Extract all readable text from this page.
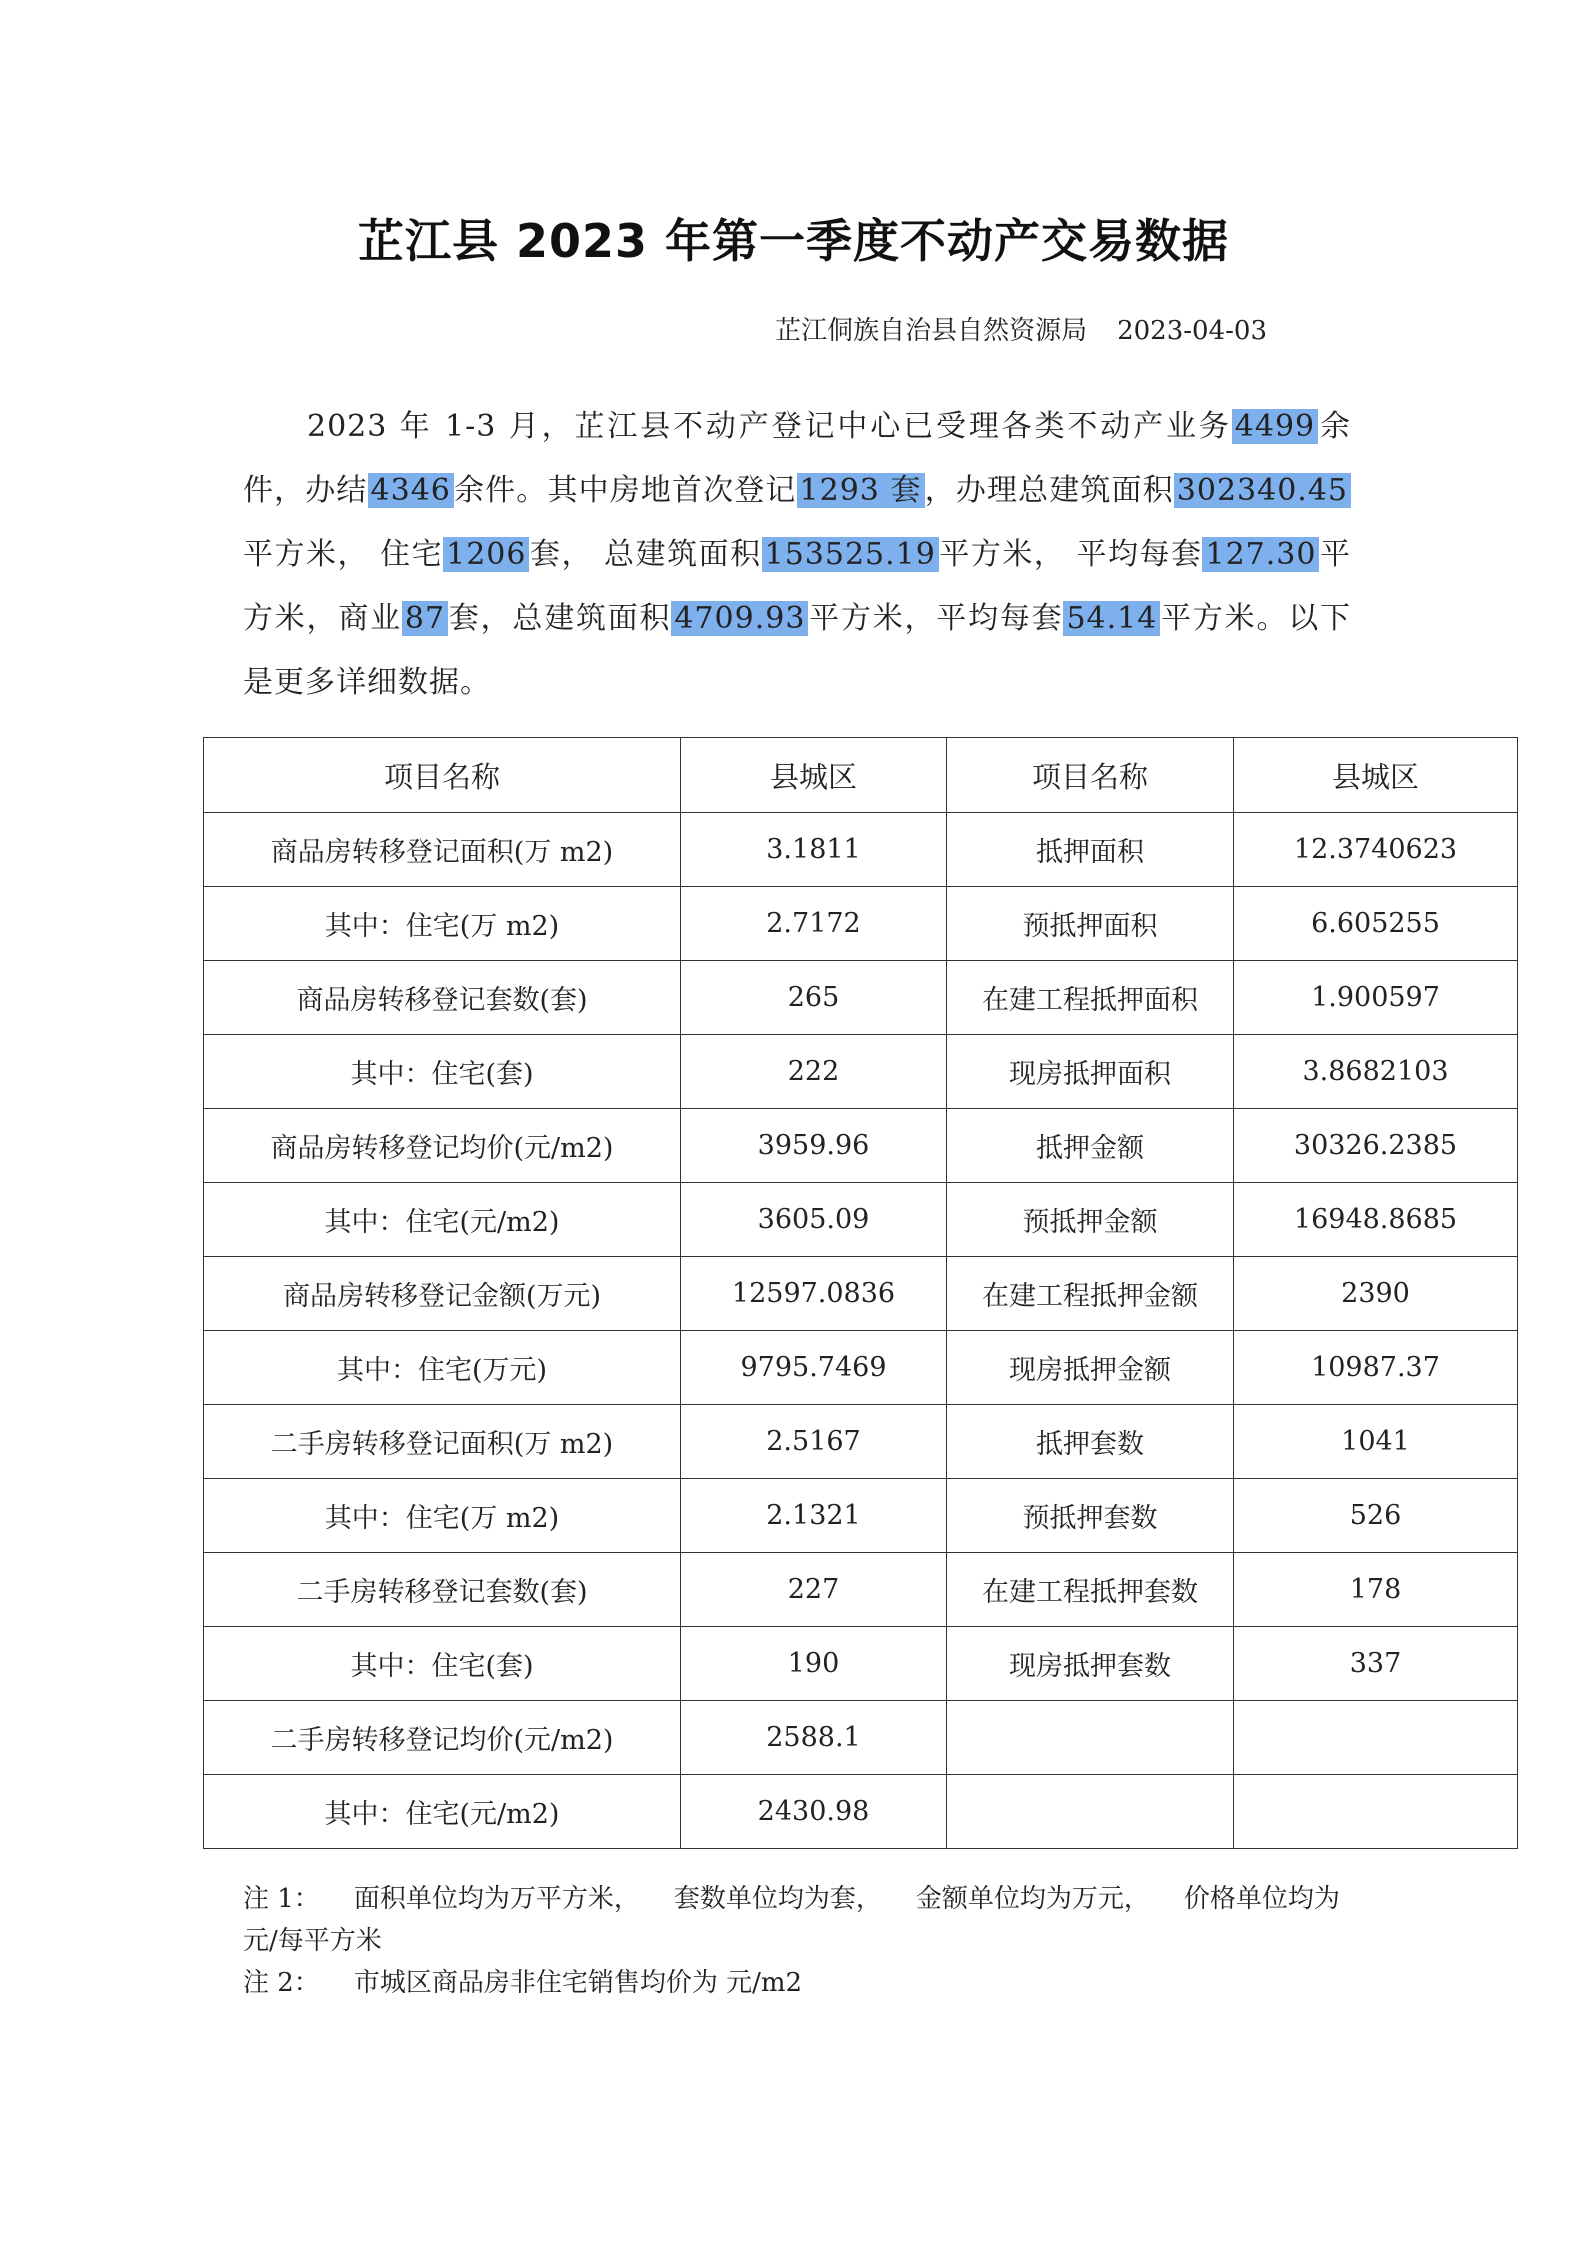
芷江县 2023 年第一季度不动产交易数据
芷江侗族自治县自然资源局 2023-04-03
2023 年 1-3 月，芷江县不动产登记中心已受理各类不动产业务 4499 余件，办结 4346 余件。其中房地首次登记 1293 套 ，办理总建筑面积 302340.45平方米， 住宅 1206 套， 总建筑面积 153525.19 平方米， 平均每套 127.30 平方米，商业 87 套，总建筑面积 4709.93 平方米，平均每套 54.14 平方米。以下是更多详细数据。
项目名称	县城区	项目名称	县城区
商品房转移登记面积(万 m2)	3.1811	抵押面积	12.3740623
其中：住宅(万 m2)	2.7172	预抵押面积	6.605255
商品房转移登记套数(套)	265	在建工程抵押面积	1.900597
其中：住宅(套)	222	现房抵押面积	3.8682103
商品房转移登记均价(元/m2)	3959.96	抵押金额	30326.2385
其中：住宅(元/m2)	3605.09	预抵押金额	16948.8685
商品房转移登记金额(万元)	12597.0836	在建工程抵押金额	2390
其中：住宅(万元)	9795.7469	现房抵押金额	10987.37
二手房转移登记面积(万 m2)	2.5167	抵押套数	1041
其中：住宅(万 m2)	2.1321	预抵押套数	526
二手房转移登记套数(套)	227	在建工程抵押套数	178
其中：住宅(套)	190	现房抵押套数	337
二手房转移登记均价(元/m2)	2588.1		
其中：住宅(元/m2)	2430.98		
注 1： 面积单位均为万平方米， 套数单位均为套， 金额单位均为万元， 价格单位均为元/每平方米
注 2： 市城区商品房非住宅销售均价为 元/m2
